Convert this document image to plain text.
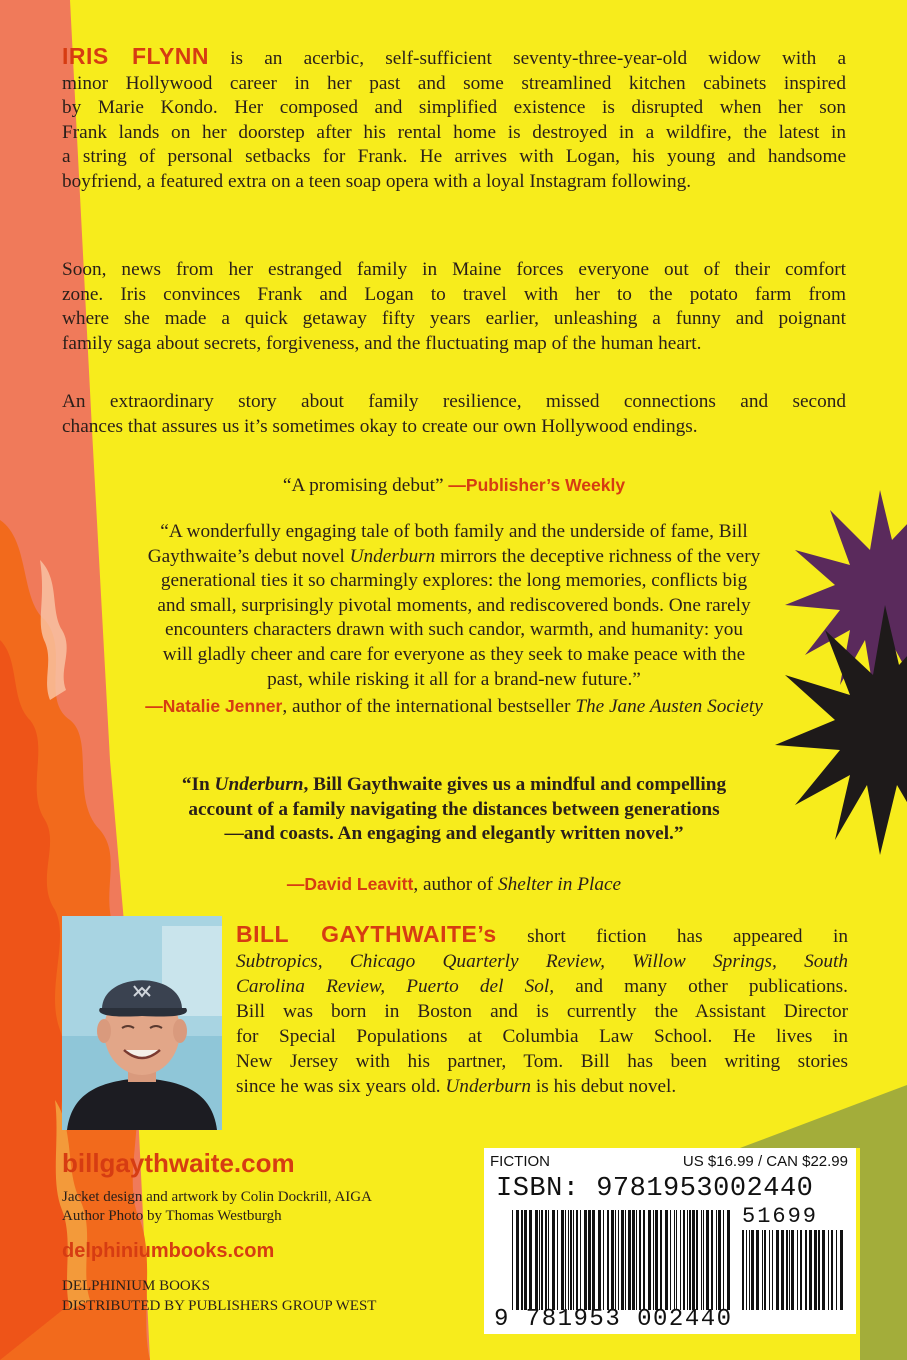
IRIS FLYNN is an acerbic, self-sufficient seventy-three-year-old widow with a
minor Hollywood career in her past and some streamlined kitchen cabinets inspired
by Marie Kondo. Her composed and simplified existence is disrupted when her son
Frank lands on her doorstep after his rental home is destroyed in a wildfire, the latest in
a string of personal setbacks for Frank. He arrives with Logan, his young and handsome
boyfriend, a featured extra on a teen soap opera with a loyal Instagram following.
Soon, news from her estranged family in Maine forces everyone out of their comfort
zone. Iris convinces Frank and Logan to travel with her to the potato farm from
where she made a quick getaway fifty years earlier, unleashing a funny and poignant
family saga about secrets, forgiveness, and the fluctuating map of the human heart.
An extraordinary story about family resilience, missed connections and second
chances that assures us it’s sometimes okay to create our own Hollywood endings.
“A promising debut” —Publisher’s Weekly
“A wonderfully engaging tale of both family and the underside of fame, Bill
Gaythwaite’s debut novel Underburn mirrors the deceptive richness of the very
generational ties it so charmingly explores: the long memories, conflicts big
and small, surprisingly pivotal moments, and rediscovered bonds. One rarely
encounters characters drawn with such candor, warmth, and humanity: you
will gladly cheer and care for everyone as they seek to make peace with the
past, while risking it all for a brand-new future.”
—Natalie Jenner, author of the international bestseller The Jane Austen Society
“In Underburn, Bill Gaythwaite gives us a mindful and compelling
account of a family navigating the distances between generations
—and coasts. An engaging and elegantly written novel.”
—David Leavitt, author of Shelter in Place
BILL GAYTHWAITE’s short fiction has appeared in
Subtropics, Chicago Quarterly Review, Willow Springs, South
Carolina Review, Puerto del Sol, and many other publications.
Bill was born in Boston and is currently the Assistant Director
for Special Populations at Columbia Law School. He lives in
New Jersey with his partner, Tom. Bill has been writing stories
since he was six years old. Underburn is his debut novel.
billgaythwaite.com
Jacket design and artwork by Colin Dockrill, AIGA
Author Photo by Thomas Westburgh
delphiniumbooks.com
DELPHINIUM BOOKS
DISTRIBUTED BY PUBLISHERS GROUP WEST
FICTION	US $16.99 / CAN $22.99
ISBN: 9781953002440
51699
9 781953 002440
